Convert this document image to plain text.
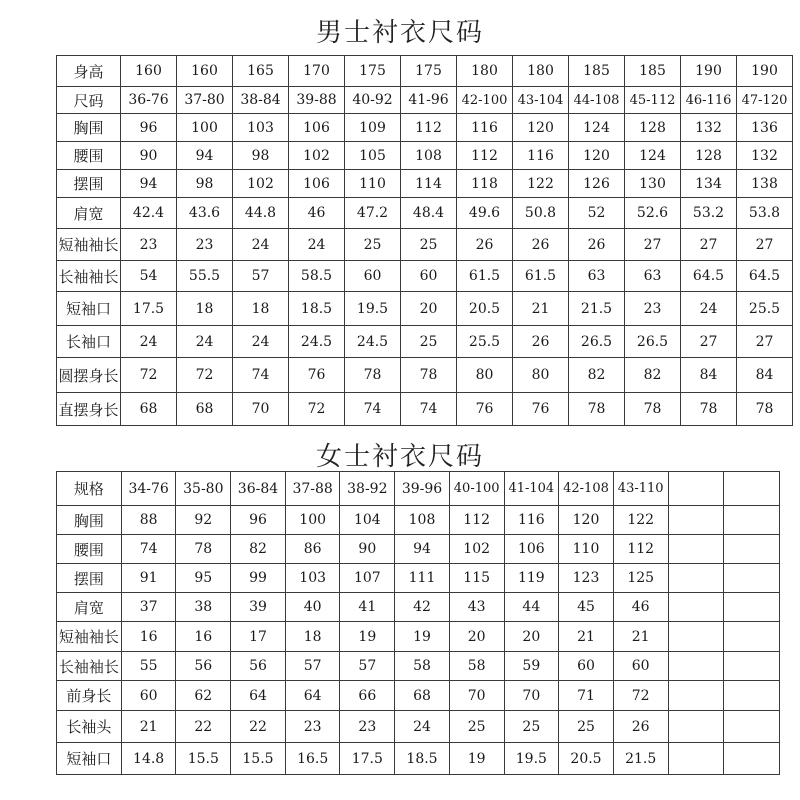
男士衬衣尺码
身高	160	160	165	170	175	175	180	180	185	185	190	190
尺码	36-76	37-80	38-84	39-88	40-92	41-96	42-100	43-104	44-108	45-112	46-116	47-120
胸围	96	100	103	106	109	112	116	120	124	128	132	136
腰围	90	94	98	102	105	108	112	116	120	124	128	132
摆围	94	98	102	106	110	114	118	122	126	130	134	138
肩宽	42.4	43.6	44.8	46	47.2	48.4	49.6	50.8	52	52.6	53.2	53.8
短袖袖长	23	23	24	24	25	25	26	26	26	27	27	27
长袖袖长	54	55.5	57	58.5	60	60	61.5	61.5	63	63	64.5	64.5
短袖口	17.5	18	18	18.5	19.5	20	20.5	21	21.5	23	24	25.5
长袖口	24	24	24	24.5	24.5	25	25.5	26	26.5	26.5	27	27
圆摆身长	72	72	74	76	78	78	80	80	82	82	84	84
直摆身长	68	68	70	72	74	74	76	76	78	78	78	78
女士衬衣尺码
规格	34-76	35-80	36-84	37-88	38-92	39-96	40-100	41-104	42-108	43-110		
胸围	88	92	96	100	104	108	112	116	120	122		
腰围	74	78	82	86	90	94	102	106	110	112		
摆围	91	95	99	103	107	111	115	119	123	125		
肩宽	37	38	39	40	41	42	43	44	45	46		
短袖袖长	16	16	17	18	19	19	20	20	21	21		
长袖袖长	55	56	56	57	57	58	58	59	60	60		
前身长	60	62	64	64	66	68	70	70	71	72		
长袖头	21	22	22	23	23	24	25	25	25	26		
短袖口	14.8	15.5	15.5	16.5	17.5	18.5	19	19.5	20.5	21.5		
